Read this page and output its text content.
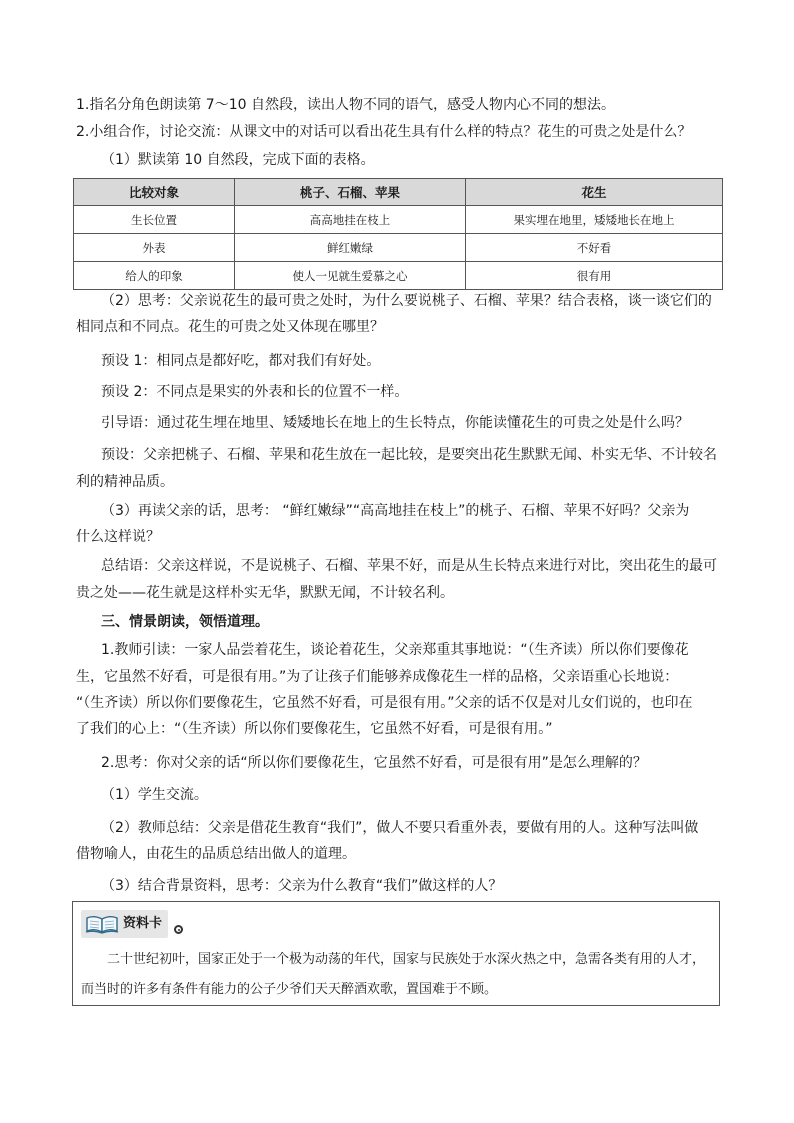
1.指名分角色朗读第 7～10 自然段，读出人物不同的语气，感受人物内心不同的想法。
2.小组合作，讨论交流：从课文中的对话可以看出花生具有什么样的特点？花生的可贵之处是什么？
（1）默读第 10 自然段，完成下面的表格。
比较对象	桃子、石榴、苹果	花生
生长位置	高高地挂在枝上	果实埋在地里，矮矮地长在地上
外表	鲜红嫩绿	不好看
给人的印象	使人一见就生爱慕之心	很有用
（2）思考：父亲说花生的最可贵之处时，为什么要说桃子、石榴、苹果？结合表格，谈一谈它们的
相同点和不同点。花生的可贵之处又体现在哪里？
预设 1：相同点是都好吃，都对我们有好处。
预设 2：不同点是果实的外表和长的位置不一样。
引导语：通过花生埋在地里、矮矮地长在地上的生长特点，你能读懂花生的可贵之处是什么吗？
预设：父亲把桃子、石榴、苹果和花生放在一起比较，是要突出花生默默无闻、朴实无华、不计较名
利的精神品质。
（3）再读父亲的话，思考： “鲜红嫩绿”“高高地挂在枝上”的桃子、石榴、苹果不好吗？父亲为
什么这样说？
总结语：父亲这样说，不是说桃子、石榴、苹果不好，而是从生长特点来进行对比，突出花生的最可
贵之处——花生就是这样朴实无华，默默无闻，不计较名利。
三、情景朗读，领悟道理。
1.教师引读：一家人品尝着花生，谈论着花生，父亲郑重其事地说：“（生齐读）所以你们要像花
生，它虽然不好看，可是很有用。”为了让孩子们能够养成像花生一样的品格，父亲语重心长地说：
“（生齐读）所以你们要像花生，它虽然不好看，可是很有用。”父亲的话不仅是对儿女们说的，也印在
了我们的心上：“（生齐读）所以你们要像花生，它虽然不好看，可是很有用。”
2.思考：你对父亲的话“所以你们要像花生，它虽然不好看，可是很有用”是怎么理解的？
（1）学生交流。
（2）教师总结：父亲是借花生教育“我们”，做人不要只看重外表，要做有用的人。这种写法叫做
借物喻人，由花生的品质总结出做人的道理。
（3）结合背景资料，思考：父亲为什么教育“我们”做这样的人？
资料卡
二十世纪初叶，国家正处于一个极为动荡的年代，国家与民族处于水深火热之中，急需各类有用的人才，而当时的许多有条件有能力的公子少爷们天天醉酒欢歌，置国难于不顾。
